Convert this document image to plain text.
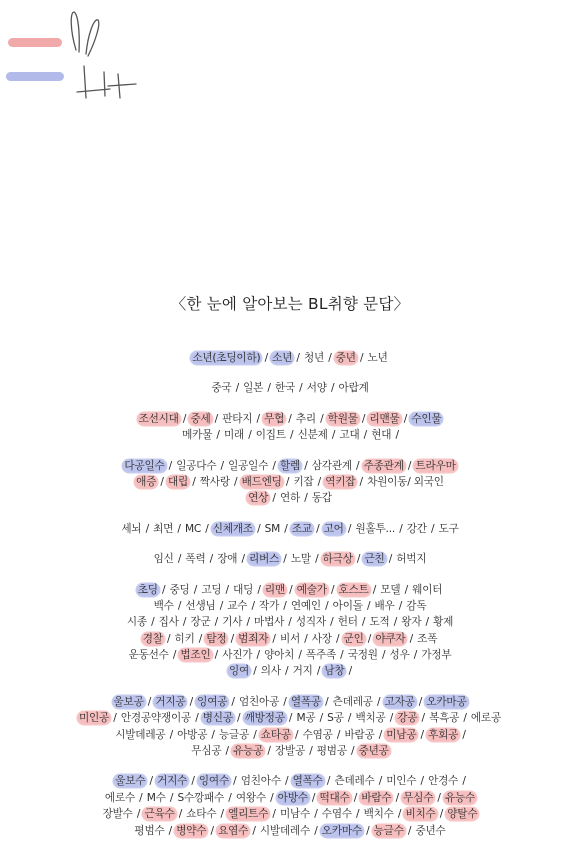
〈한 눈에 알아보는 BL취향 문답〉
소년(초딩이하) / 소년 / 청년 / 중년 / 노년
중국 / 일본 / 한국 / 서양 / 아랍계
조선시대 / 중세 / 판타지 / 무협 / 추리 / 학원물 / 리맨물 / 수인물
메카물 / 미래 / 이집트 / 신분제 / 고대 / 현대 /
다공일수 / 일공다수 / 일공일수 / 할렘 / 삼각관계 / 주종관계 / 트라우마
애증 / 대립 / 짝사랑 / 배드엔딩 / 키잡 / 역키잡 / 차원이동/ 외국인
연상 / 연하 / 동갑
세뇌 / 최면 / MC / 신체개조 / SM / 조교 / 고어 / 원홀투... / 강간 / 도구
임신 / 폭력 / 장애 / 리버스 / 노말 / 하극상 / 근친 / 허벅지
초딩 / 중딩 / 고딩 / 대딩 / 리맨 / 예술가 / 호스트 / 모델 / 웨이터
백수 / 선생님 / 교수 / 작가 / 연예인 / 아이돌 / 배우 / 감독
시종 / 집사 / 장군 / 기사 / 마법사 / 성직자 / 헌터 / 도적 / 왕자 / 황제
경찰 / 히키 / 탐정 / 범죄자 / 비서 / 사장 / 군인 / 야쿠자 / 조폭
운동선수 / 법조인 / 사진가 / 양아치 / 폭주족 / 국정원 / 성우 / 가정부
잉여 / 의사 / 거지 / 남창 /
울보공 / 거지공 / 잉여공 / 엄친아공 / 열폭공 / 츤데레공 / 고자공 / 오카마공
미인공 / 안경공약쟁이공 / 병신공 / 깨방정공 / M공 / S공 / 백치공 / 강공 / 복흑공 / 에로공
시발데레공 / 아방공 / 능글공 / 쇼타공 / 수염공 / 바람공 / 미남공 / 후회공 /
무심공 / 유능공 / 장발공 / 평범공 / 중년공
울보수 / 거지수 / 잉여수 / 엄친아수 / 열폭수 / 츤데레수 / 미인수 / 안경수 /
에로수 / M수 / S수깡패수 / 여왕수 / 아방수 / 떡대수 / 바람수 / 무심수 / 유능수
장발수 / 근육수 / 쇼타수 / 엘리트수 / 미남수 / 수염수 / 백치수 / 비치수 / 양탈수
평범수 / 병약수 / 요염수 / 시발데레수 / 오카마수 / 능글수 / 중년수
